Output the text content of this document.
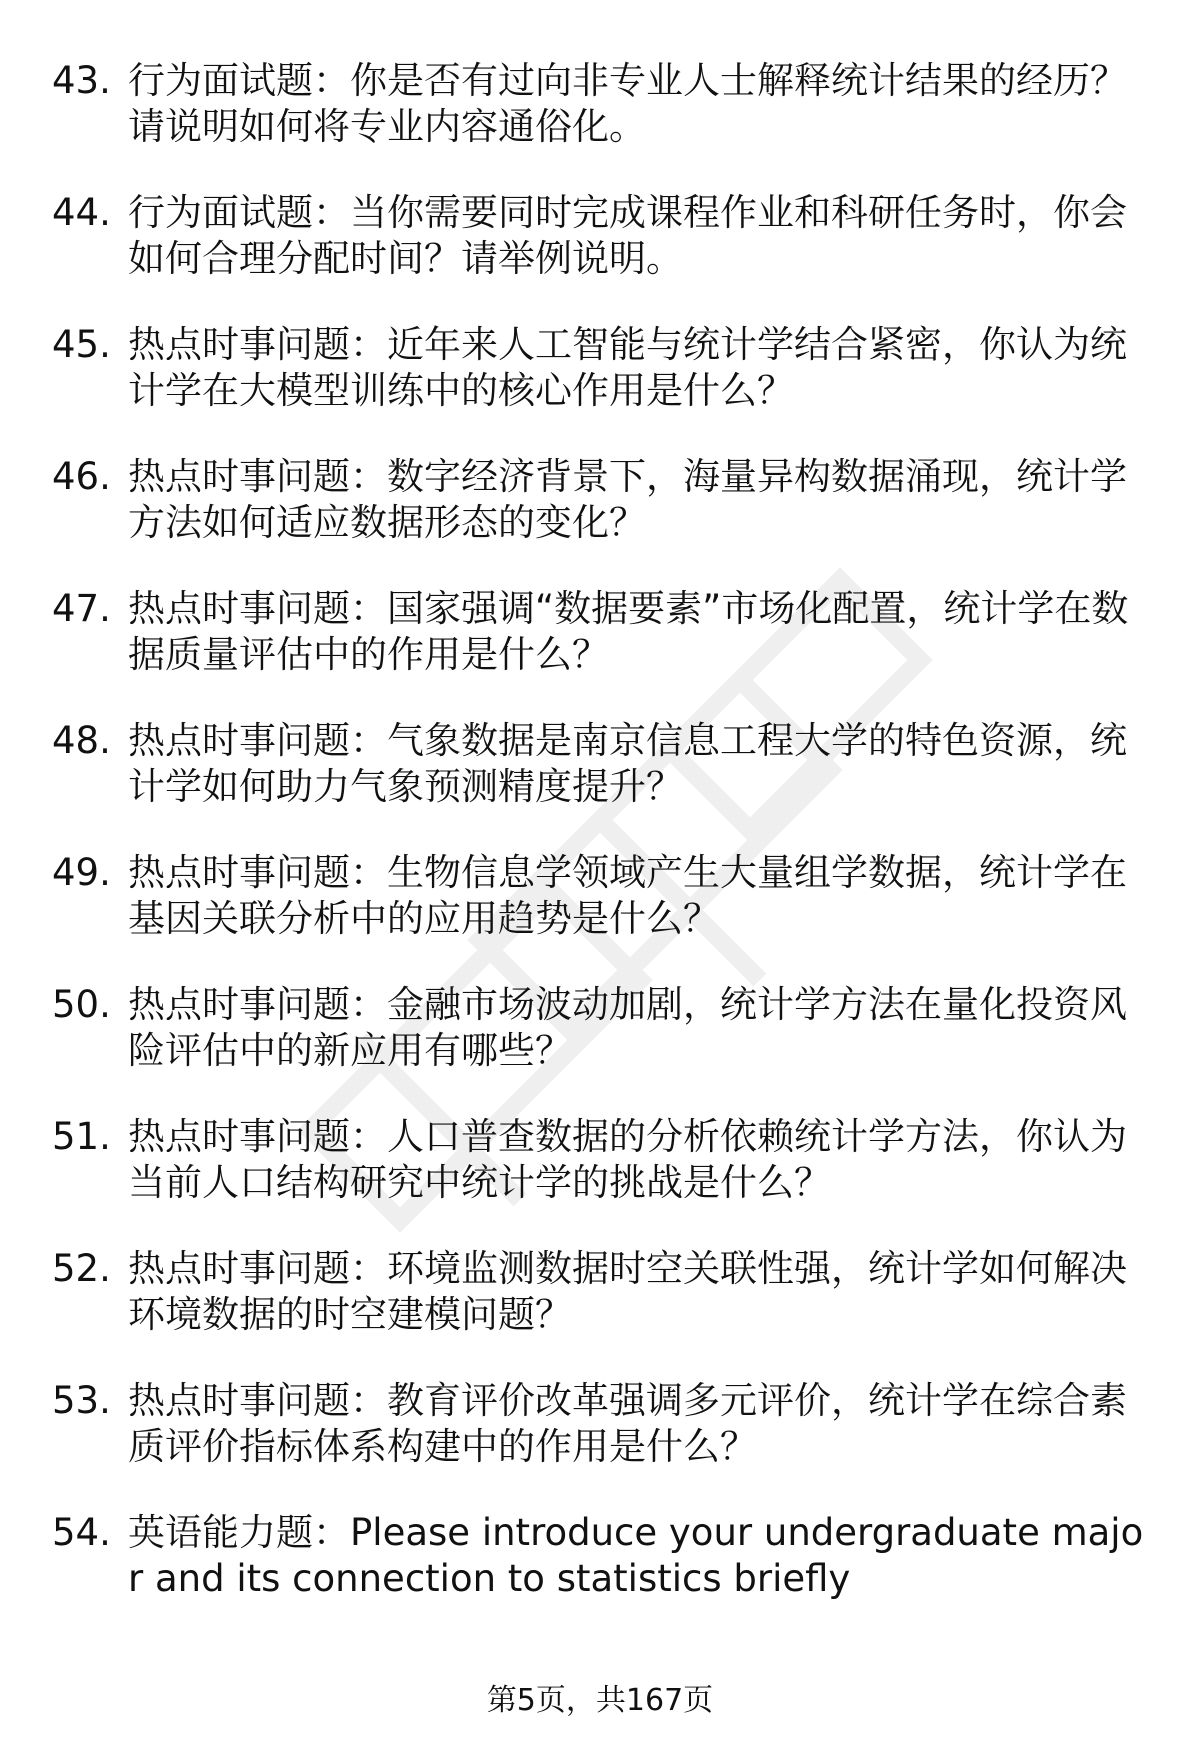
43. 行为面试题：你是否有过向非专业人士解释统计结果的经历？请说明如何将专业内容通俗化。
44. 行为面试题：当你需要同时完成课程作业和科研任务时，你会如何合理分配时间？请举例说明。
45. 热点时事问题：近年来人工智能与统计学结合紧密，你认为统计学在大模型训练中的核心作用是什么？
46. 热点时事问题：数字经济背景下，海量异构数据涌现，统计学方法如何适应数据形态的变化？
47. 热点时事问题：国家强调“数据要素”市场化配置，统计学在数据质量评估中的作用是什么？
48. 热点时事问题：气象数据是南京信息工程大学的特色资源，统计学如何助力气象预测精度提升？
49. 热点时事问题：生物信息学领域产生大量组学数据，统计学在基因关联分析中的应用趋势是什么？
50. 热点时事问题：金融市场波动加剧，统计学方法在量化投资风险评估中的新应用有哪些？
51. 热点时事问题：人口普查数据的分析依赖统计学方法，你认为当前人口结构研究中统计学的挑战是什么？
52. 热点时事问题：环境监测数据时空关联性强，统计学如何解决环境数据的时空建模问题？
53. 热点时事问题：教育评价改革强调多元评价，统计学在综合素质评价指标体系构建中的作用是什么？
54. 英语能力题：Please introduce your undergraduate major and its connection to statistics briefly
第5页，共167页
